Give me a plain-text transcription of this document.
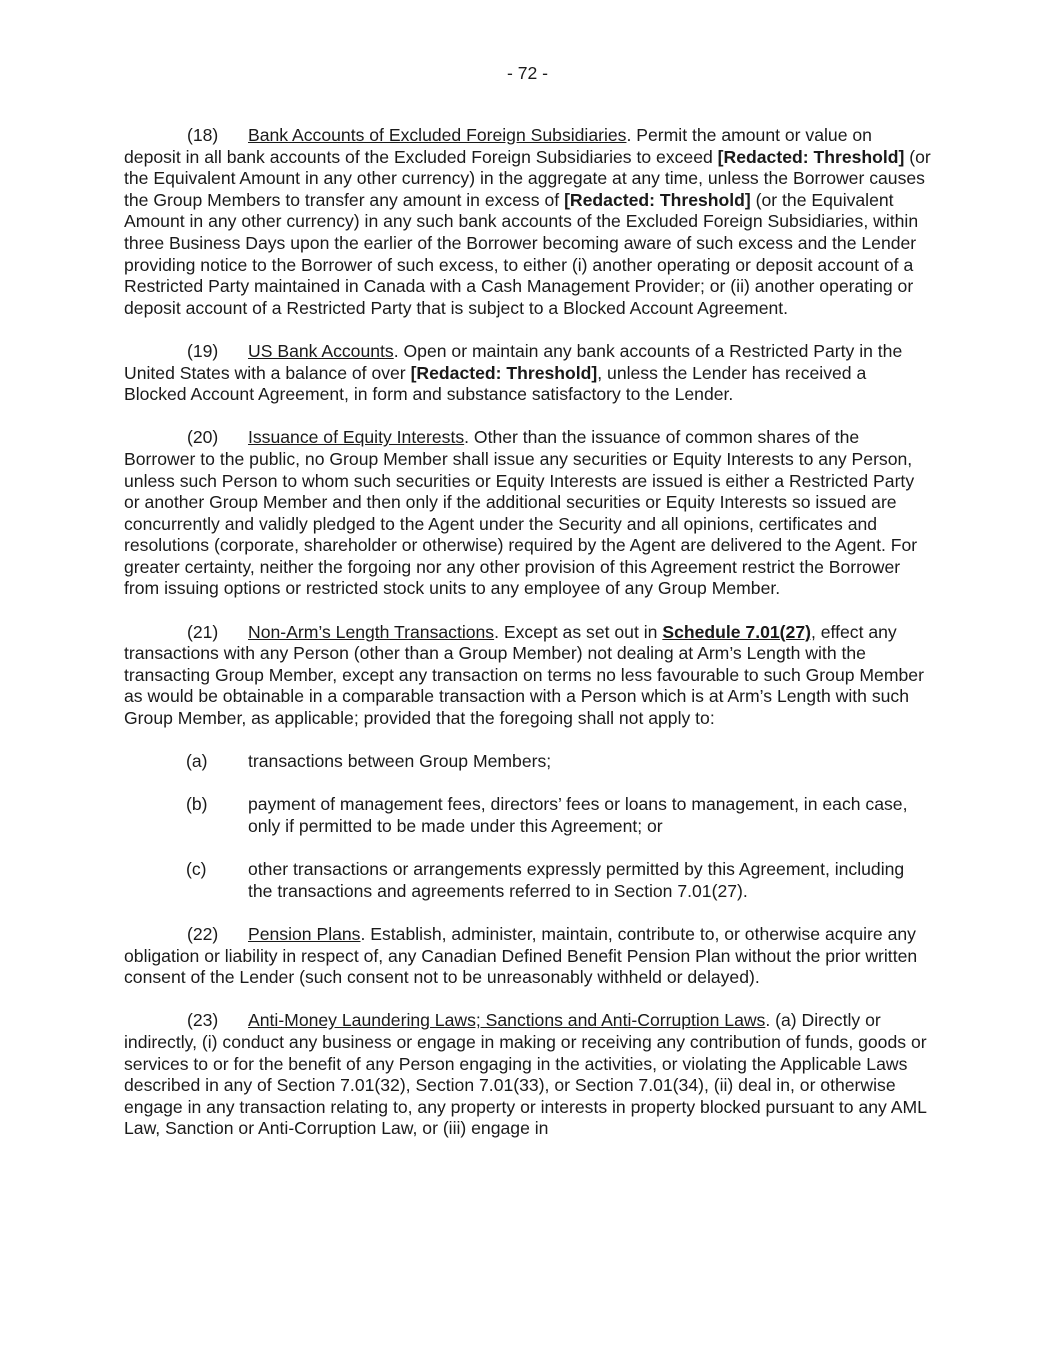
- 72 -

(18) Bank Accounts of Excluded Foreign Subsidiaries. Permit the amount or value on deposit in all bank accounts of the Excluded Foreign Subsidiaries to exceed [Redacted: Threshold] (or the Equivalent Amount in any other currency) in the aggregate at any time, unless the Borrower causes the Group Members to transfer any amount in excess of [Redacted: Threshold] (or the Equivalent Amount in any other currency) in any such bank accounts of the Excluded Foreign Subsidiaries, within three Business Days upon the earlier of the Borrower becoming aware of such excess and the Lender providing notice to the Borrower of such excess, to either (i) another operating or deposit account of a Restricted Party maintained in Canada with a Cash Management Provider; or (ii) another operating or deposit account of a Restricted Party that is subject to a Blocked Account Agreement.

(19) US Bank Accounts. Open or maintain any bank accounts of a Restricted Party in the United States with a balance of over [Redacted: Threshold], unless the Lender has received a Blocked Account Agreement, in form and substance satisfactory to the Lender.

(20) Issuance of Equity Interests. Other than the issuance of common shares of the Borrower to the public, no Group Member shall issue any securities or Equity Interests to any Person, unless such Person to whom such securities or Equity Interests are issued is either a Restricted Party or another Group Member and then only if the additional securities or Equity Interests so issued are concurrently and validly pledged to the Agent under the Security and all opinions, certificates and resolutions (corporate, shareholder or otherwise) required by the Agent are delivered to the Agent. For greater certainty, neither the forgoing nor any other provision of this Agreement restrict the Borrower from issuing options or restricted stock units to any employee of any Group Member.

(21) Non-Arm’s Length Transactions. Except as set out in Schedule 7.01(27), effect any transactions with any Person (other than a Group Member) not dealing at Arm’s Length with the transacting Group Member, except any transaction on terms no less favourable to such Group Member as would be obtainable in a comparable transaction with a Person which is at Arm’s Length with such Group Member, as applicable; provided that the foregoing shall not apply to:

(a) transactions between Group Members;
(b) payment of management fees, directors’ fees or loans to management, in each case, only if permitted to be made under this Agreement; or
(c) other transactions or arrangements expressly permitted by this Agreement, including the transactions and agreements referred to in Section 7.01(27).

(22) Pension Plans. Establish, administer, maintain, contribute to, or otherwise acquire any obligation or liability in respect of, any Canadian Defined Benefit Pension Plan without the prior written consent of the Lender (such consent not to be unreasonably withheld or delayed).

(23) Anti-Money Laundering Laws; Sanctions and Anti-Corruption Laws. (a) Directly or indirectly, (i) conduct any business or engage in making or receiving any contribution of funds, goods or services to or for the benefit of any Person engaging in the activities, or violating the Applicable Laws described in any of Section 7.01(32), Section 7.01(33), or Section 7.01(34), (ii) deal in, or otherwise engage in any transaction relating to, any property or interests in property blocked pursuant to any AML Law, Sanction or Anti-Corruption Law, or (iii) engage in
